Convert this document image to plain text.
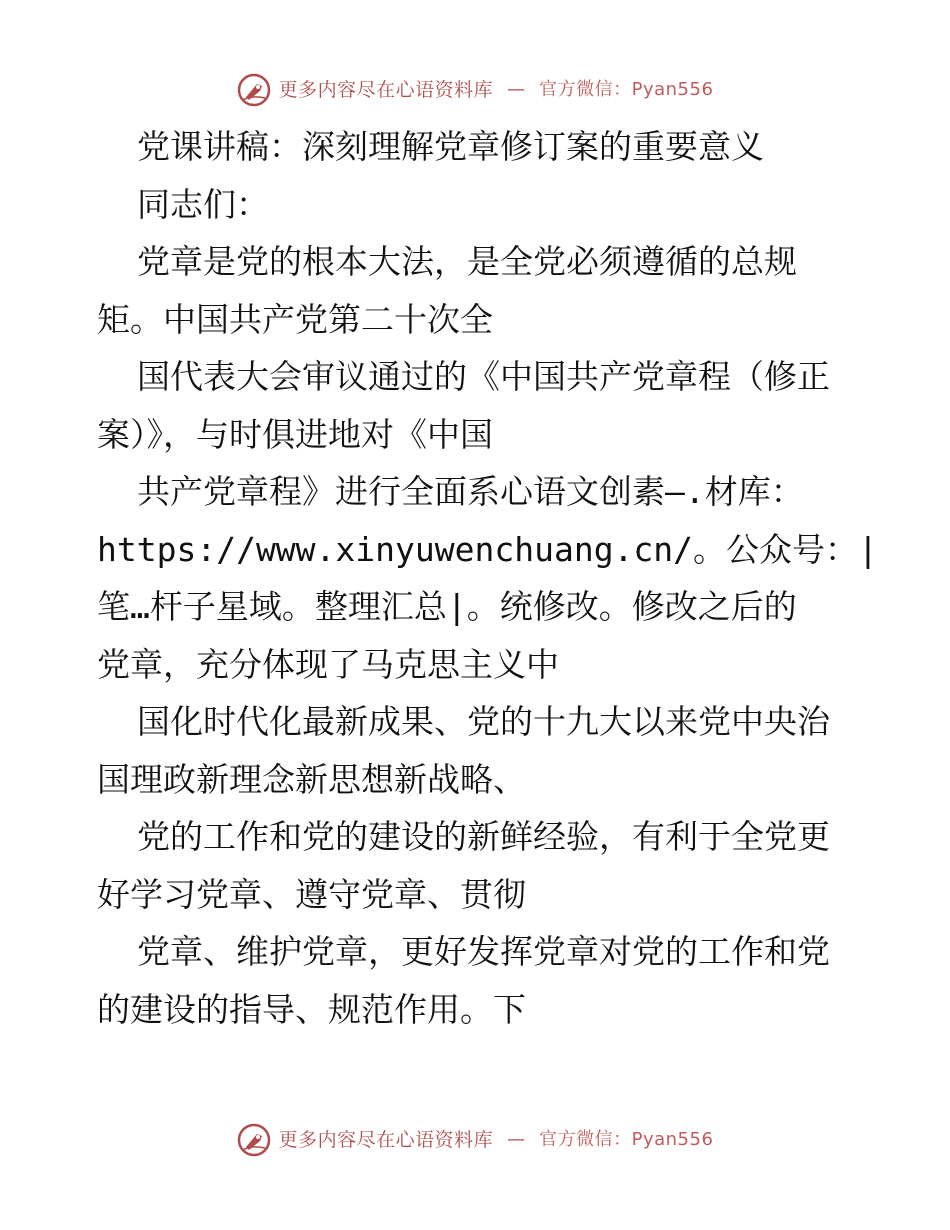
更多内容尽在心语资料库 — 官方微信：Pyan556
党课讲稿：深刻理解党章修订案的重要意义
同志们：
党章是党的根本大法，是全党必须遵循的总规
矩。中国共产党第二十次全
国代表大会审议通过的《中国共产党章程（修正
案）》，与时俱进地对《中国
共产党章程》进行全面系心语文创素—.材库：
https://www.xinyuwenchuang.cn/。公众号：|
笔…杆子星域。整理汇总|。统修改。修改之后的
党章，充分体现了马克思主义中
国化时代化最新成果、党的十九大以来党中央治
国理政新理念新思想新战略、
党的工作和党的建设的新鲜经验，有利于全党更
好学习党章、遵守党章、贯彻
党章、维护党章，更好发挥党章对党的工作和党
的建设的指导、规范作用。下
更多内容尽在心语资料库 — 官方微信：Pyan556
